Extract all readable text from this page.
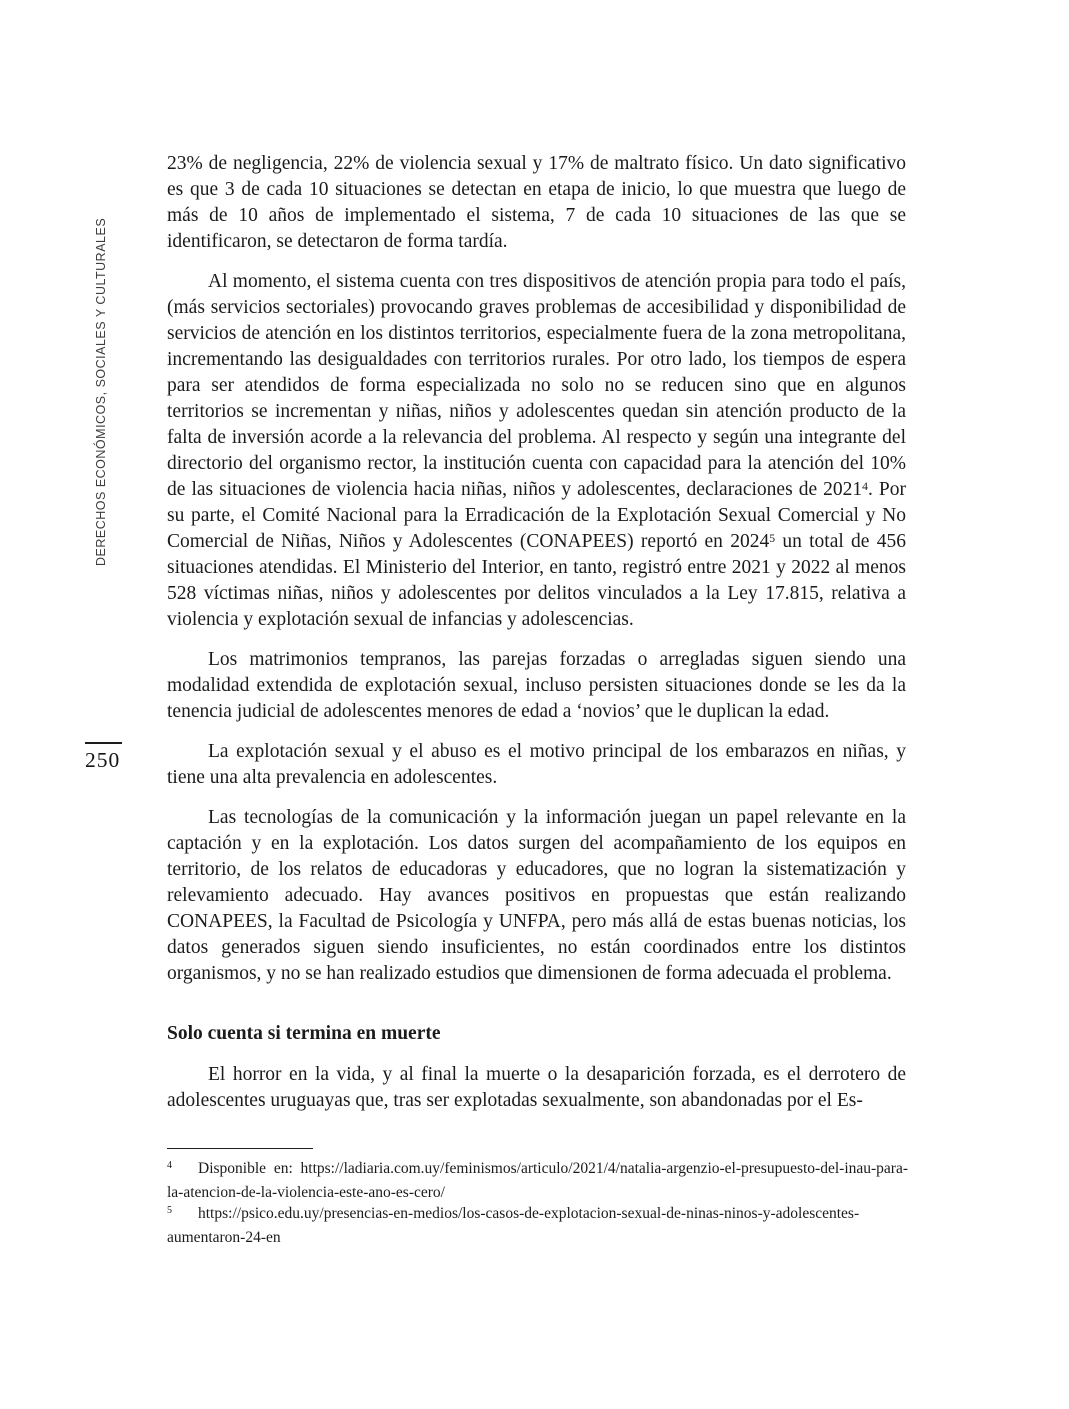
DERECHOS ECONÓMICOS, SOCIALES Y CULTURALES
250

23% de negligencia, 22% de violencia sexual y 17% de maltrato físico. Un dato significativo es que 3 de cada 10 situaciones se detectan en etapa de inicio, lo que muestra que luego de más de 10 años de implementado el sistema, 7 de cada 10 situaciones de las que se identificaron, se detectaron de forma tardía.

Al momento, el sistema cuenta con tres dispositivos de atención propia para todo el país, (más servicios sectoriales) provocando graves problemas de accesibilidad y disponibilidad de servicios de atención en los distintos territorios, especialmente fuera de la zona metropolitana, incrementando las desigualdades con territorios rurales. Por otro lado, los tiempos de espera para ser atendidos de forma especializada no solo no se reducen sino que en algunos territorios se incrementan y niñas, niños y adolescentes quedan sin atención producto de la falta de inversión acorde a la relevancia del problema. Al respecto y según una integrante del directorio del organismo rector, la institución cuenta con capacidad para la atención del 10% de las situaciones de violencia hacia niñas, niños y adolescentes, declaraciones de 2021$^4$. Por su parte, el Comité Nacional para la Erradicación de la Explotación Sexual Comercial y No Comercial de Niñas, Niños y Adolescentes (CONAPEES) reportó en 2024$^5$ un total de 456 situaciones atendidas. El Ministerio del Interior, en tanto, registró entre 2021 y 2022 al menos 528 víctimas niñas, niños y adolescentes por delitos vinculados a la Ley 17.815, relativa a violencia y explotación sexual de infancias y adolescencias.

Los matrimonios tempranos, las parejas forzadas o arregladas siguen siendo una modalidad extendida de explotación sexual, incluso persisten situaciones donde se les da la tenencia judicial de adolescentes menores de edad a ‘novios’ que le duplican la edad.

La explotación sexual y el abuso es el motivo principal de los embarazos en niñas, y tiene una alta prevalencia en adolescentes.

Las tecnologías de la comunicación y la información juegan un papel relevante en la captación y en la explotación. Los datos surgen del acompañamiento de los equipos en territorio, de los relatos de educadoras y educadores, que no logran la sistematización y relevamiento adecuado. Hay avances positivos en propuestas que están realizando CONAPEES, la Facultad de Psicología y UNFPA, pero más allá de estas buenas noticias, los datos generados siguen siendo insuficientes, no están coordinados entre los distintos organismos, y no se han realizado estudios que dimensionen de forma adecuada el problema.

Solo cuenta si termina en muerte

El horror en la vida, y al final la muerte o la desaparición forzada, es el derrotero de adolescentes uruguayas que, tras ser explotadas sexualmente, son abandonadas por el Es-

$^4$ Disponible en: https://ladiaria.com.uy/feminismos/articulo/2021/4/natalia-argenzio-el-presupuesto-del-inau-para-la-atencion-de-la-violencia-este-ano-es-cero/

$^5$ https://psico.edu.uy/presencias-en-medios/los-casos-de-explotacion-sexual-de-ninas-ninos-y-adolescentes-aumentaron-24-en
